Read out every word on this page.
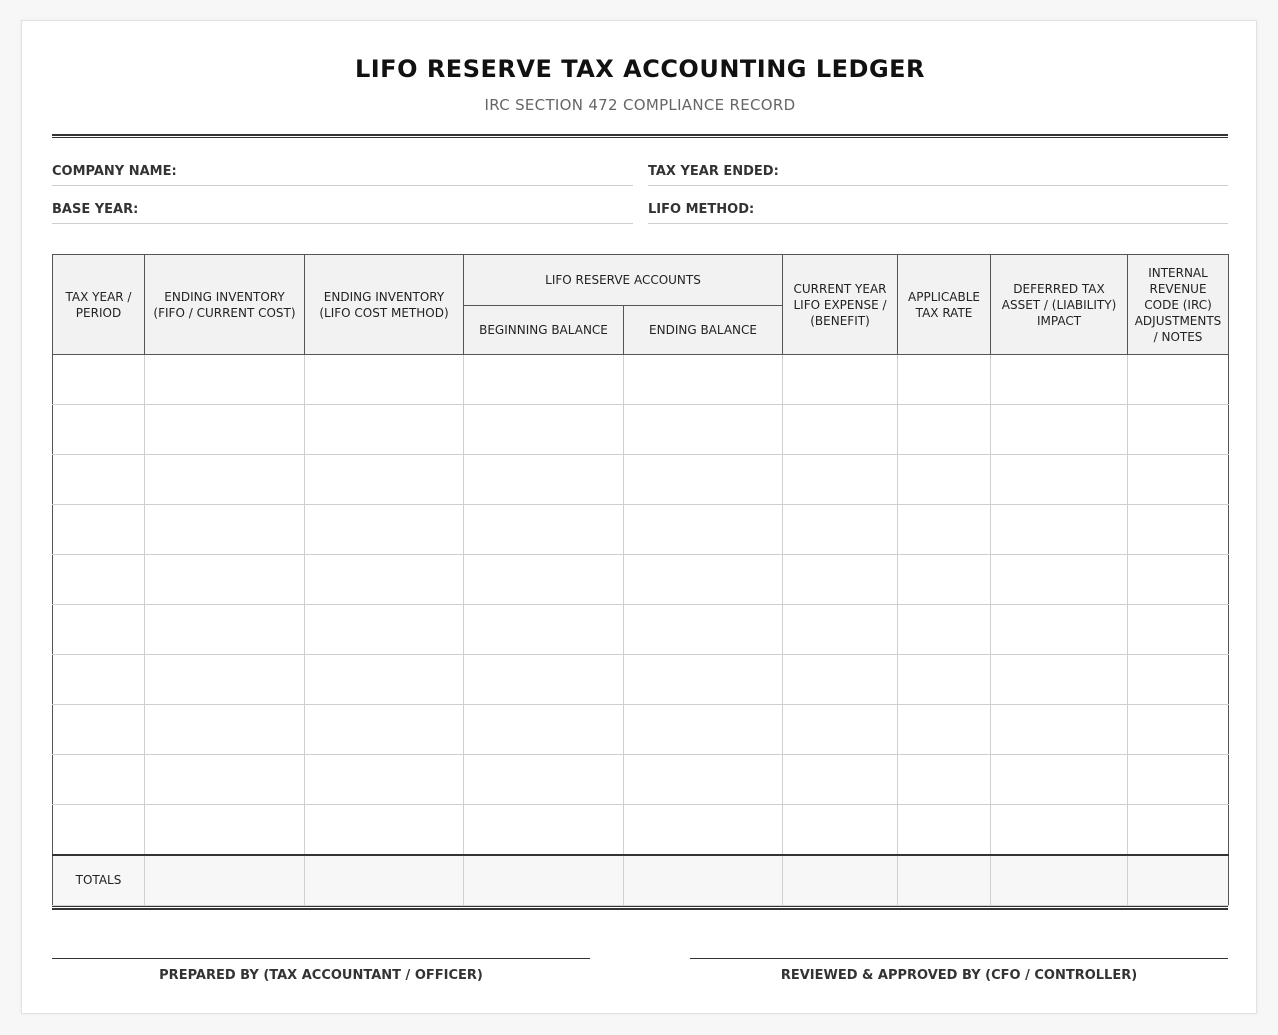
LIFO RESERVE TAX ACCOUNTING LEDGER
IRC SECTION 472 COMPLIANCE RECORD
COMPANY NAME:	TAX YEAR ENDED:
BASE YEAR:	LIFO METHOD:
TAX YEAR / PERIOD	ENDING INVENTORY (FIFO / CURRENT COST)	ENDING INVENTORY (LIFO COST METHOD)	LIFO RESERVE ACCOUNTS		CURRENT YEAR LIFO EXPENSE / (BENEFIT)	APPLICABLE TAX RATE	DEFERRED TAX ASSET / (LIABILITY) IMPACT	INTERNAL REVENUE CODE (IRC) ADJUSTMENTS / NOTES
			BEGINNING BALANCE	ENDING BALANCE				

TOTALS								
PREPARED BY (TAX ACCOUNTANT / OFFICER)	REVIEWED & APPROVED BY (CFO / CONTROLLER)
